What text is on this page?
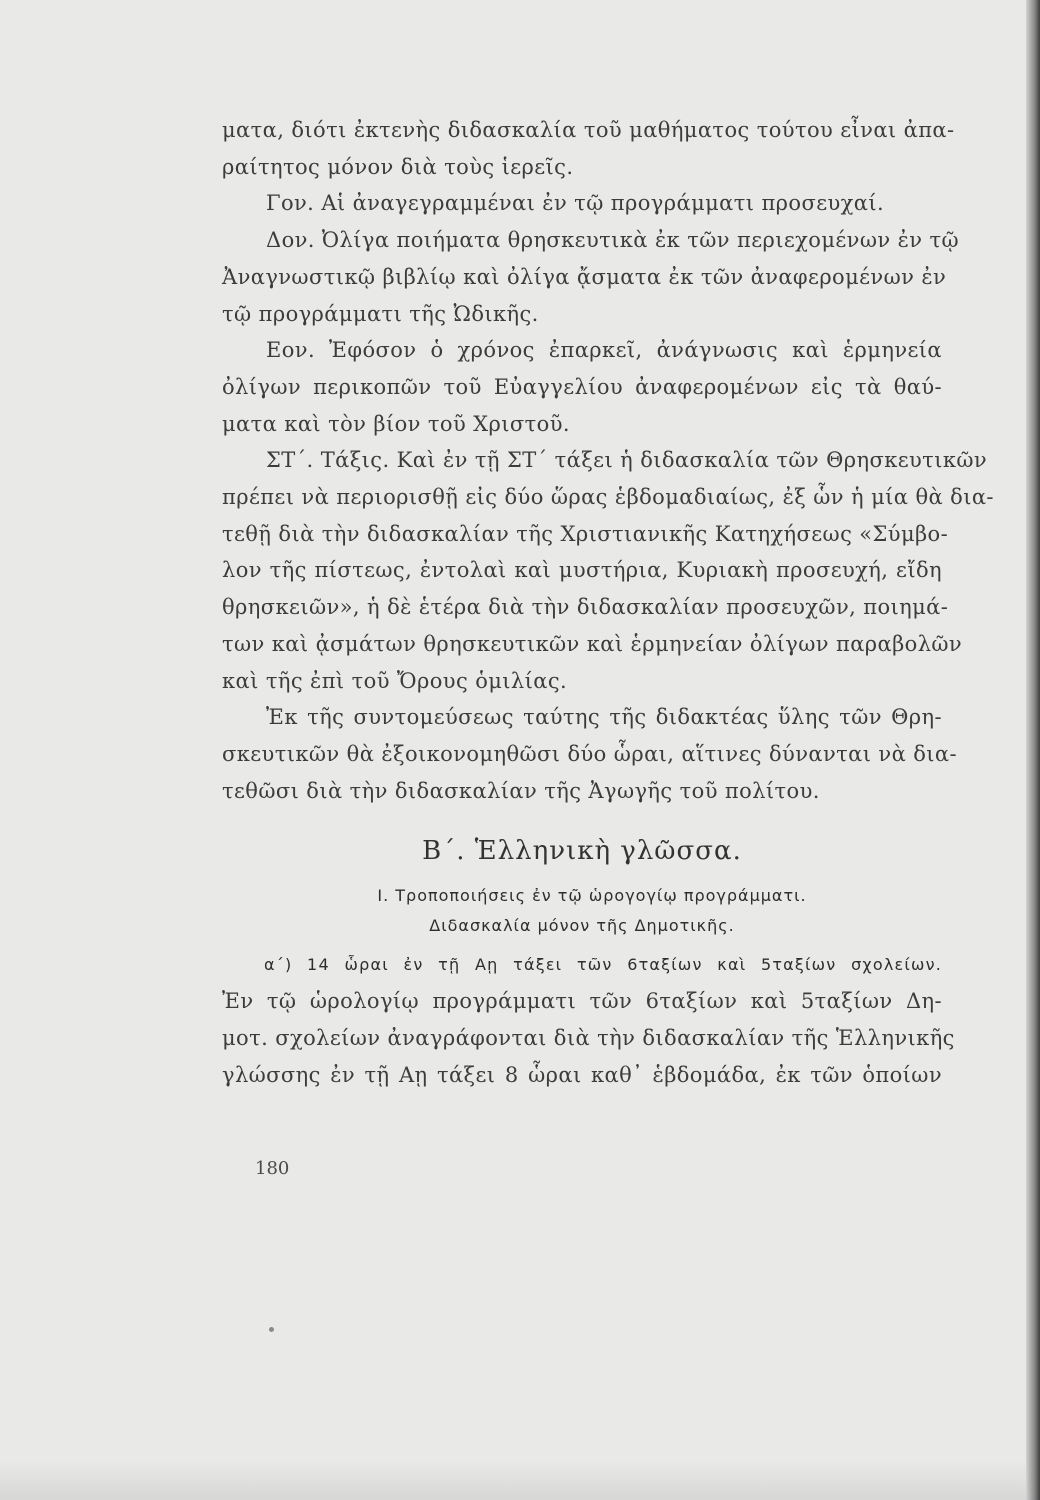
ματα, διότι ἐκτενὴς διδασκαλία τοῦ μαθήματος τούτου εἶναι ἀπα-
ραίτητος μόνον διὰ τοὺς ἱερεῖς.
Γον. Αἱ ἀναγεγραμμέναι ἐν τῷ προγράμματι προσευχαί.
Δον. Ὀλίγα ποιήματα θρησκευτικὰ ἐκ τῶν περιεχομένων ἐν τῷ
Ἀναγνωστικῷ βιβλίῳ καὶ ὀλίγα ᾄσματα ἐκ τῶν ἀναφερομένων ἐν
τῷ προγράμματι τῆς Ὠδικῆς.
Εον. Ἐφόσον ὁ χρόνος ἐπαρκεῖ, ἀνάγνωσις καὶ ἑρμηνεία
ὀλίγων περικοπῶν τοῦ Εὐαγγελίου ἀναφερομένων εἰς τὰ θαύ-
ματα καὶ τὸν βίον τοῦ Χριστοῦ.
ΣΤ΄. Τάξις. Καὶ ἐν τῇ ΣΤ΄ τάξει ἡ διδασκαλία τῶν Θρησκευτικῶν
πρέπει νὰ περιορισθῇ εἰς δύο ὥρας ἑβδομαδιαίως, ἐξ ὧν ἡ μία θὰ δια-
τεθῇ διὰ τὴν διδασκαλίαν τῆς Χριστιανικῆς Κατηχήσεως «Σύμβο-
λον τῆς πίστεως, ἐντολαὶ καὶ μυστήρια, Κυριακὴ προσευχή, εἴδη
θρησκειῶν», ἡ δὲ ἑτέρα διὰ τὴν διδασκαλίαν προσευχῶν, ποιημά-
των καὶ ᾀσμάτων θρησκευτικῶν καὶ ἑρμηνείαν ὀλίγων παραβολῶν
καὶ τῆς ἐπὶ τοῦ Ὄρους ὁμιλίας.
Ἐκ τῆς συντομεύσεως ταύτης τῆς διδακτέας ὕλης τῶν Θρη-
σκευτικῶν θὰ ἐξοικονομηθῶσι δύο ὧραι, αἵτινες δύνανται νὰ δια-
τεθῶσι διὰ τὴν διδασκαλίαν τῆς Ἀγωγῆς τοῦ πολίτου.
Β΄. Ἑλληνικὴ γλῶσσα.
Ι. Τροποποιήσεις ἐν τῷ ὡρογογίῳ προγράμματι.
Διδασκαλία μόνον τῆς Δημοτικῆς.
α΄) 14 ὧραι ἐν τῇ Αῃ τάξει τῶν 6ταξίων καὶ 5ταξίων σχολείων.
Ἐν τῷ ὡρολογίῳ προγράμματι τῶν 6ταξίων καὶ 5ταξίων Δη-
μοτ. σχολείων ἀναγράφονται διὰ τὴν διδασκαλίαν τῆς Ἑλληνικῆς
γλώσσης ἐν τῇ Αῃ τάξει 8 ὧραι καθ᾽ ἑβδομάδα, ἐκ τῶν ὁποίων
180
